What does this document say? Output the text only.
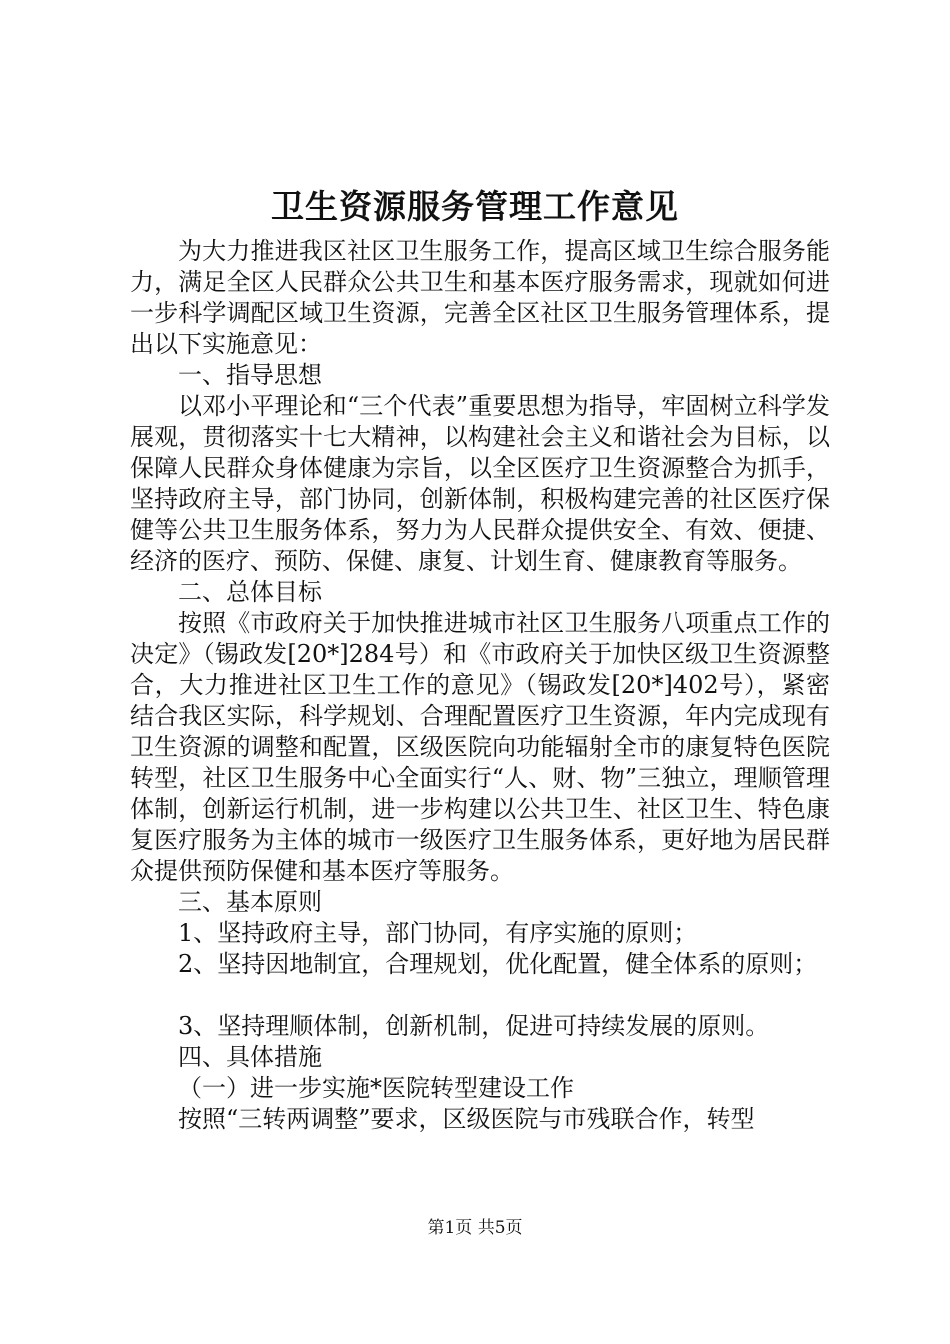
卫生资源服务管理工作意见

为大力推进我区社区卫生服务工作，提高区域卫生综合服务能力，满足全区人民群众公共卫生和基本医疗服务需求，现就如何进一步科学调配区域卫生资源，完善全区社区卫生服务管理体系，提出以下实施意见：

一、指导思想

以邓小平理论和“三个代表”重要思想为指导，牢固树立科学发展观，贯彻落实十七大精神，以构建社会主义和谐社会为目标，以保障人民群众身体健康为宗旨，以全区医疗卫生资源整合为抓手，坚持政府主导，部门协同，创新体制，积极构建完善的社区医疗保健等公共卫生服务体系，努力为人民群众提供安全、有效、便捷、经济的医疗、预防、保健、康复、计划生育、健康教育等服务。

二、总体目标

按照《市政府关于加快推进城市社区卫生服务八项重点工作的决定》（锡政发[20*]284号）和《市政府关于加快区级卫生资源整合，大力推进社区卫生工作的意见》（锡政发[20*]402号），紧密结合我区实际，科学规划、合理配置医疗卫生资源，年内完成现有卫生资源的调整和配置，区级医院向功能辐射全市的康复特色医院转型，社区卫生服务中心全面实行“人、财、物”三独立，理顺管理体制，创新运行机制，进一步构建以公共卫生、社区卫生、特色康复医疗服务为主体的城市一级医疗卫生服务体系，更好地为居民群众提供预防保健和基本医疗等服务。

三、基本原则

1、坚持政府主导，部门协同，有序实施的原则；

2、坚持因地制宜，合理规划，优化配置，健全体系的原则；

3、坚持理顺体制，创新机制，促进可持续发展的原则。

四、具体措施

（一）进一步实施*医院转型建设工作

按照“三转两调整”要求，区级医院与市残联合作，转型

第1页 共5页
